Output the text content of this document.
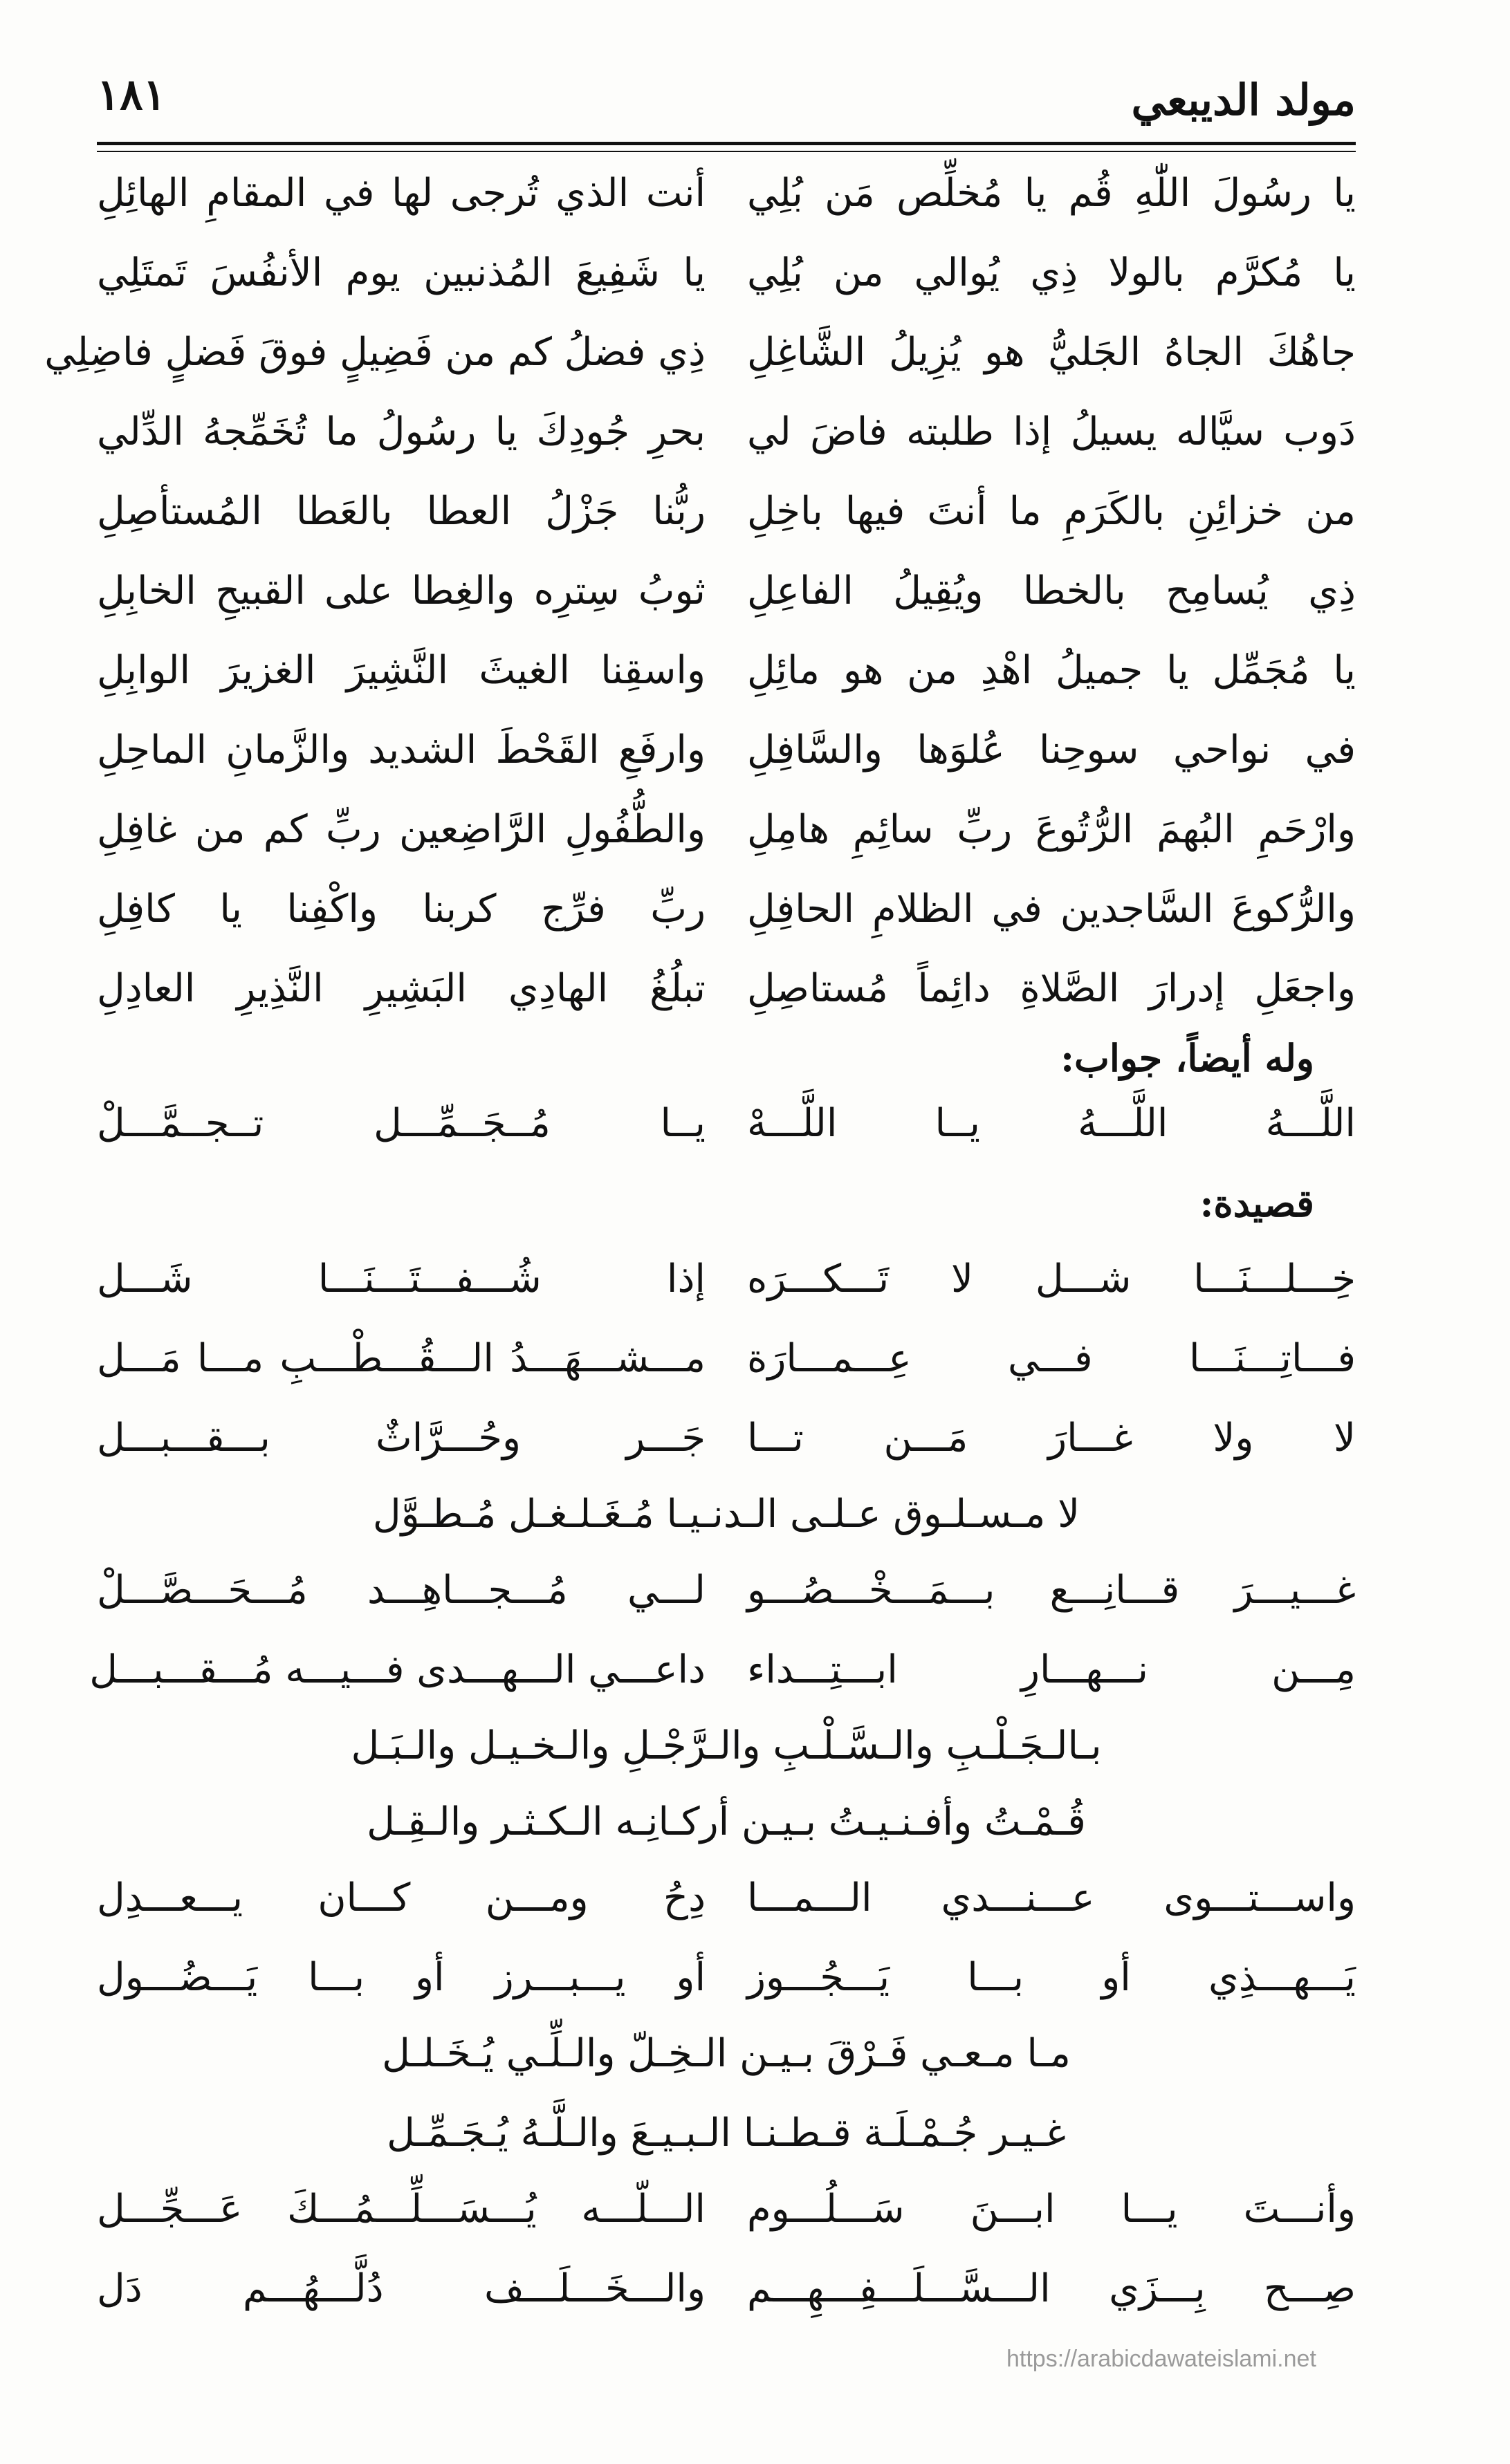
مولد الديبعي
١٨١
يا رسُولَ اللّٰهِ قُم يا مُخلِّص مَن بُلِي
أنت الذي تُرجى لها في المقامِ الهائِلِ
يا مُكرَّم بالولا ذِي يُوالي من بُلِي
يا شَفِيعَ المُذنبين يوم الأنفُسَ تَمتَلِي
جاهُكَ الجاهُ الجَليُّ هو يُزِيلُ الشَّاغِلِ
ذِي فضلُ كم من فَضِيلٍ فوقَ فَضلٍ فاضِلِي
دَوب سيَّاله يسيلُ إذا طلبته فاضَ لي
بحرِ جُودِكَ يا رسُولُ ما تُخَمِّجهُ الدِّلي
من خزائِنِ بالكَرَمِ ما أنتَ فيها باخِلِ
ربُّنا جَزْلُ العطا بالعَطا المُستأصِلِ
ذِي يُسامِح بالخطا ويُقِيلُ الفاعِلِ
ثوبُ سِترِه والغِطا على القبيحِ الخابِلِ
يا مُجَمِّل يا جميلُ اهْدِ من هو مائِلِ
واسقِنا الغيثَ النَّشِيرَ الغزيرَ الوابِلِ
في نواحي سوحِنا عُلوَها والسَّافِلِ
وارفَعِ القَحْطَ الشديد والزَّمانِ الماحِلِ
وارْحَمِ البُهمَ الرُّتُوعَ ربِّ سائِمِ هامِلِ
والطُّفُولِ الرَّاضِعين ربِّ كم من غافِلِ
والرُّكوعَ السَّاجدين في الظلامِ الحافِلِ
ربِّ فرِّج كربنا واكْفِنا يا كافِلِ
واجعَلِ إدرارَ الصَّلاةِ دائِماً مُستاصِلِ
تبلُغُ الهادِي البَشِيرِ النَّذِيرِ العادِلِ
وله أيضاً، جواب:
اللَّـــهُ اللَّـــهُ يــا اللَّـــهْ
يــا مُــجَــمِّـــل تــجــمَّـــلْ
قصيدة:
خِـــلـــنَـــا شـــل لا تَـــكـــرَه
إذا شُـــفـــتَـــنَـــا شَـــل
فـــاتِـــنَـــا فـــي عِـــمـــارَة
مـــشـــهَـــدُ الـــقُـــطْـــبِ مـــا مَـــل
لا ولا غـــارَ مَـــن تـــا
جَـــر وحُـــرَّاثٌ بـــقـــبـــل
لا مـسـلـوق عـلـى الـدنـيـا مُـغَـلـغـل مُـطـوَّل
غـــيـــرَ قـــانِـــع بـــمَـــخْـــصُـــو
لـــي مُـــجـــاهِـــد مُـــحَـــصَّـــلْ
مِـــن نـــهـــارِ ابـــتِـــداء
داعـــي الـــهـــدى فـــيـــه مُـــقـــبـــل
بـالـجَـلْـبِ والـسَّـلْـبِ والـرَّجْـلِ والـخـيـل والـبَـل
قُـمْـتُ وأفـنـيـتُ بـيـن أركـانِـه الـكـثـر والـقِـل
واســـتـــوى عـــنـــدي الـــمـــا
دِحُ ومـــن كـــان يـــعـــدِل
يَـــهـــذِي أو بـــا يَـــجُـــوز
أو يـــبـــرز أو بـــا يَـــضُـــول
مـا مـعـي فَـرْقَ بـيـن الـخِـلّ والـلِّـي يُـخَـلـل
غـيـر جُـمْـلَـة قـطـنـا الـبـيـعَ والـلَّـهُ يُـجَـمِّـل
وأنـــتَ يـــا ابـــنَ سَـــلُـــوم
الـــلّـــه يُـــسَـــلِّـــمُـــكَ عَـــجِّـــل
صِـــح بِـــزَي الـــسَّـــلَـــفِـــهِـــم
والـــخَـــلَـــف دُلَّـــهُـــم دَل
https://arabicdawateislami.net
